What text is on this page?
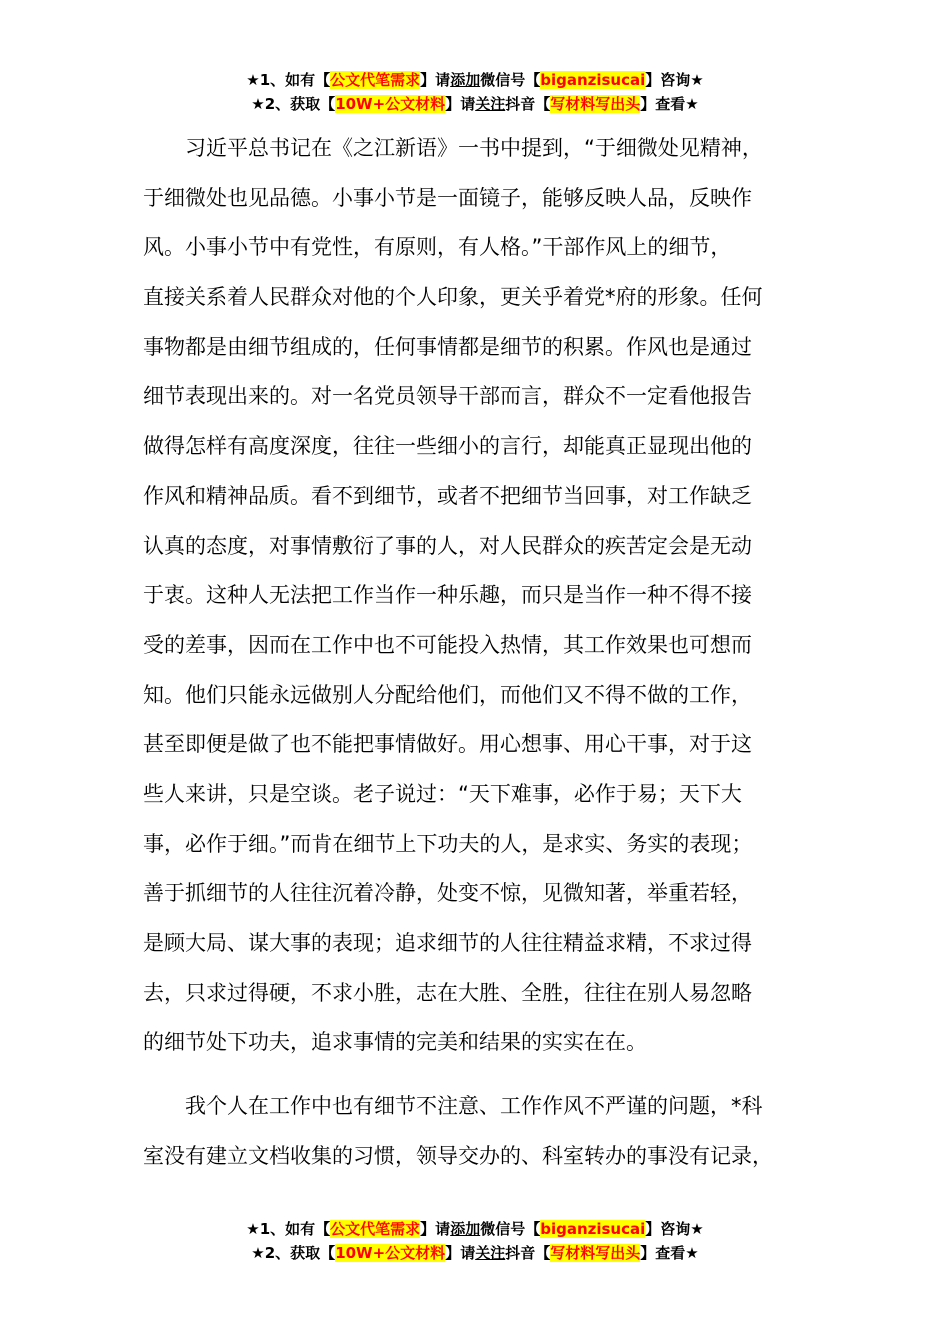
★1、如有【公文代笔需求】请添加微信号【biganzisucai】咨询★
★2、获取【10W+公文材料】请关注抖音【写材料写出头】查看★
　　习近平总书记在《之江新语》一书中提到，“于细微处见精神，
于细微处也见品德。小事小节是一面镜子，能够反映人品，反映作
风。小事小节中有党性，有原则，有人格。”干部作风上的细节，
直接关系着人民群众对他的个人印象，更关乎着党*府的形象。任何
事物都是由细节组成的，任何事情都是细节的积累。作风也是通过
细节表现出来的。对一名党员领导干部而言，群众不一定看他报告
做得怎样有高度深度，往往一些细小的言行，却能真正显现出他的
作风和精神品质。看不到细节，或者不把细节当回事，对工作缺乏
认真的态度，对事情敷衍了事的人，对人民群众的疾苦定会是无动
于衷。这种人无法把工作当作一种乐趣，而只是当作一种不得不接
受的差事，因而在工作中也不可能投入热情，其工作效果也可想而
知。他们只能永远做别人分配给他们，而他们又不得不做的工作，
甚至即便是做了也不能把事情做好。用心想事、用心干事，对于这
些人来讲，只是空谈。老子说过：“天下难事，必作于易；天下大
事，必作于细。”而肯在细节上下功夫的人，是求实、务实的表现；
善于抓细节的人往往沉着冷静，处变不惊，见微知著，举重若轻，
是顾大局、谋大事的表现；追求细节的人往往精益求精，不求过得
去，只求过得硬，不求小胜，志在大胜、全胜，往往在别人易忽略
的细节处下功夫，追求事情的完美和结果的实实在在。
　　我个人在工作中也有细节不注意、工作作风不严谨的问题，*科
室没有建立文档收集的习惯，领导交办的、科室转办的事没有记录，
★1、如有【公文代笔需求】请添加微信号【biganzisucai】咨询★
★2、获取【10W+公文材料】请关注抖音【写材料写出头】查看★
